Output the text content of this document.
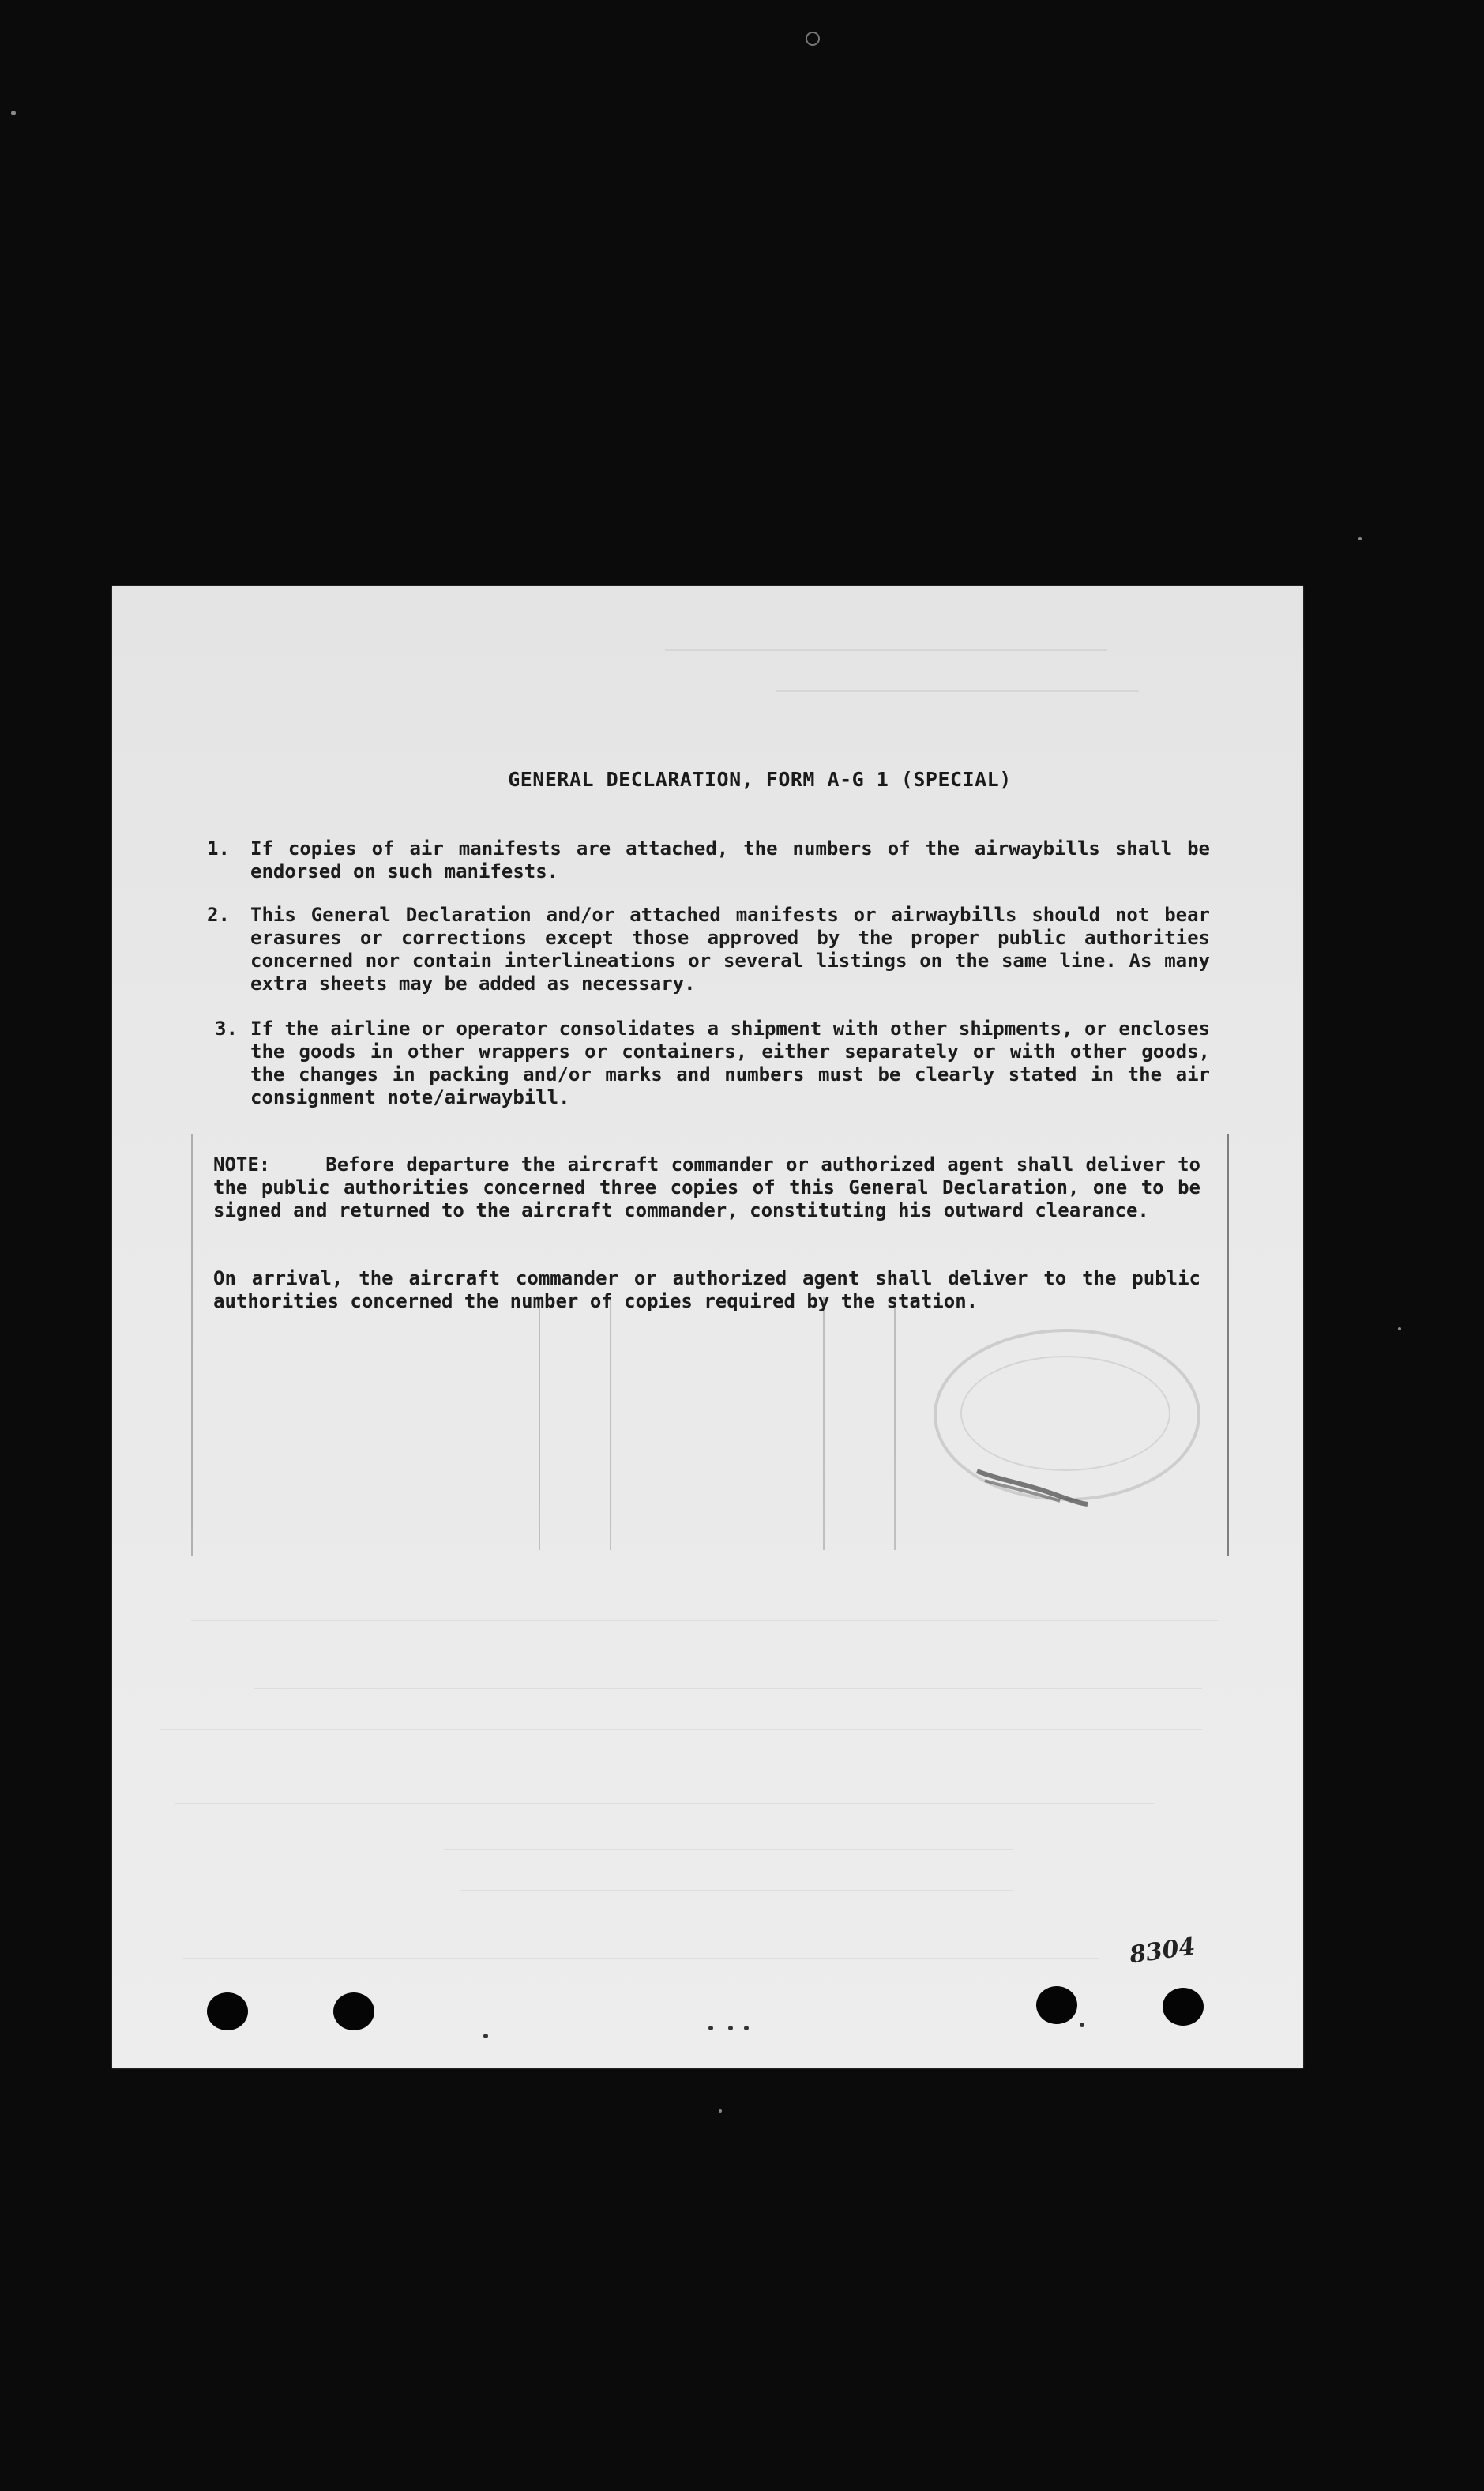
GENERAL DECLARATION, FORM A-G 1 (SPECIAL)
1.	If copies of air manifests are attached, the numbers of the airwaybills shall be endorsed on such manifests.
2.	This General Declaration and/or attached manifests or airwaybills should not bear erasures or corrections except those approved by the proper public authorities concerned nor contain interlineations or several listings on the same line. As many extra sheets may be added as necessary.
3. If the airline or operator consolidates a shipment with other shipments, or encloses the goods in other wrappers or containers, either separately or with other goods, the changes in packing and/or marks and numbers must be clearly stated in the air consignment note/airwaybill.
NOTE:	Before departure the aircraft commander or authorized agent shall deliver to the public authorities concerned three copies of this General Declaration, one to be signed and returned to the aircraft commander, constituting his outward clearance.
On arrival, the aircraft commander or authorized agent shall deliver to the public authorities concerned the number of copies required by the station.
8304
